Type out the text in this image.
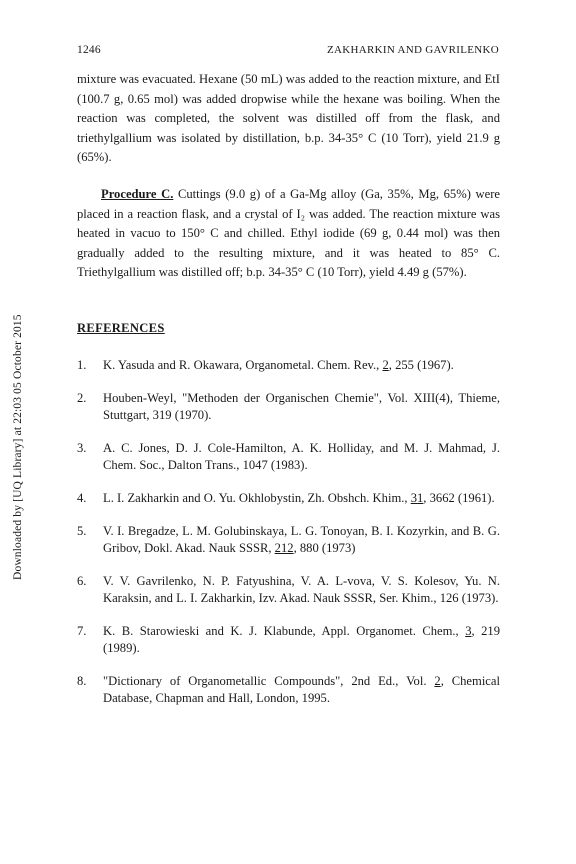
1246	ZAKHARKIN AND GAVRILENKO
mixture was evacuated. Hexane (50 mL) was added to the reaction mixture, and EtI (100.7 g, 0.65 mol) was added dropwise while the hexane was boiling. When the reaction was completed, the solvent was distilled off from the flask, and triethylgallium was isolated by distillation, b.p. 34-35° C (10 Torr), yield 21.9 g (65%).
Procedure C. Cuttings (9.0 g) of a Ga-Mg alloy (Ga, 35%, Mg, 65%) were placed in a reaction flask, and a crystal of I₂ was added. The reaction mixture was heated in vacuo to 150° C and chilled. Ethyl iodide (69 g, 0.44 mol) was then gradually added to the resulting mixture, and it was heated to 85° C. Triethylgallium was distilled off; b.p. 34-35° C (10 Torr), yield 4.49 g (57%).
Downloaded by [UQ Library] at 22:03 05 October 2015	REFERENCES
1.	K. Yasuda and R. Okawara, Organometal. Chem. Rev., 2, 255 (1967).
2.	Houben-Weyl, "Methoden der Organischen Chemie", Vol. XIII(4), Thieme, Stuttgart, 319 (1970).
3.	A. C. Jones, D. J. Cole-Hamilton, A. K. Holliday, and M. J. Mahmad, J. Chem. Soc., Dalton Trans., 1047 (1983).
4.	L. I. Zakharkin and O. Yu. Okhlobystin, Zh. Obshch. Khim., 31, 3662 (1961).
5.	V. I. Bregadze, L. M. Golubinskaya, L. G. Tonoyan, B. I. Kozyrkin, and B. G. Gribov, Dokl. Akad. Nauk SSSR, 212, 880 (1973)
6.	V. V. Gavrilenko, N. P. Fatyushina, V. A. L-vova, V. S. Kolesov, Yu. N. Karaksin, and L. I. Zakharkin, Izv. Akad. Nauk SSSR, Ser. Khim., 126 (1973).
7.	K. B. Starowieski and K. J. Klabunde, Appl. Organomet. Chem., 3, 219 (1989).
8.	"Dictionary of Organometallic Compounds", 2nd Ed., Vol. 2, Chemical Database, Chapman and Hall, London, 1995.
